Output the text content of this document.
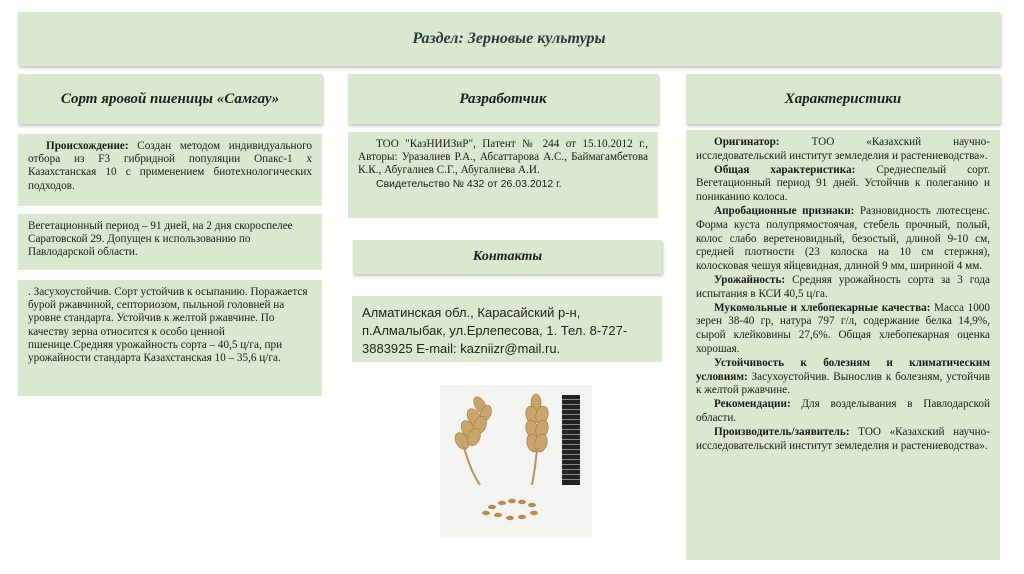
Раздел: Зерновые культуры
Сорт яровой пшеницы «Самгау»

Происхождение: Создан методом индивидуального отбора из F3 гибридной популяции Опакс-1 х Казахстанская 10 с применением биотехнологических подходов.

Вегетационный период – 91 дней, на 2 дня скороспелее Саратовской 29. Допущен к использованию по Павлодарской области.
. Засухоустойчив. Сорт устойчив к осыпанию. Поражается бурой ржавчиной, септориозом, пыльной головней на уровне стандарта. Устойчив к желтой ржавчине. По качеству зерна относится к особо ценной пшенице.Средняя урожайность сорта – 40,5 ц/га, при урожайности стандарта Казахстанская 10 – 35,6 ц/га.
Разработчик

ТОО "КазНИИЗиР", Патент № 244 от 15.10.2012 г., Авторы: Уразалиев Р.А., Абсаттарова А.С., Баймагамбетова К.К., Абугалиев С.Г., Абугалиева А.И.

Свидетельство № 432 от 26.03.2012 г.

Контакты
Алматинская обл., Карасайский р-н, п.Алмалыбак, ул.Ерлепесова, 1. Тел. 8-727-3883925 E-mail: kazniizr@mail.ru.
Характеристики

Оригинатор: ТОО «Казахский научно-исследовательский институт земледелия и растениеводства».

Общая характеристика: Среднеспелый сорт. Вегетационный период 91 дней. Устойчив к полеганию и пониканию колоса.

Апробационные признаки: Разновидность лютесценс. Форма куста полупрямостоячая, стебель прочный, полый, колос слабо веретеновидный, безостый, длиной 9-10 см, средней плотности (23 колоска на 10 см стержня), колосковая чешуя яйцевидная, длиной 9 мм, шириной 4 мм.

Урожайность: Средняя урожайность сорта за 3 года испытания в КСИ 40,5 ц/га.

Мукомольные и хлебопекарные качества: Масса 1000 зерен 38-40 гр, натура 797 г/л, содержание белка 14,9%, сырой клейковины 27,6%. Общая хлебопекарная оценка хорошая.

Устойчивость к болезням и климатическим условиям: Засухоустойчив. Вынослив к болезням, устойчив к желтой ржавчине.

Рекомендации: Для возделывания в Павлодарской области.

Производитель/заявитель: ТОО «Казахский научно-исследовательский институт земледелия и растениеводства».
